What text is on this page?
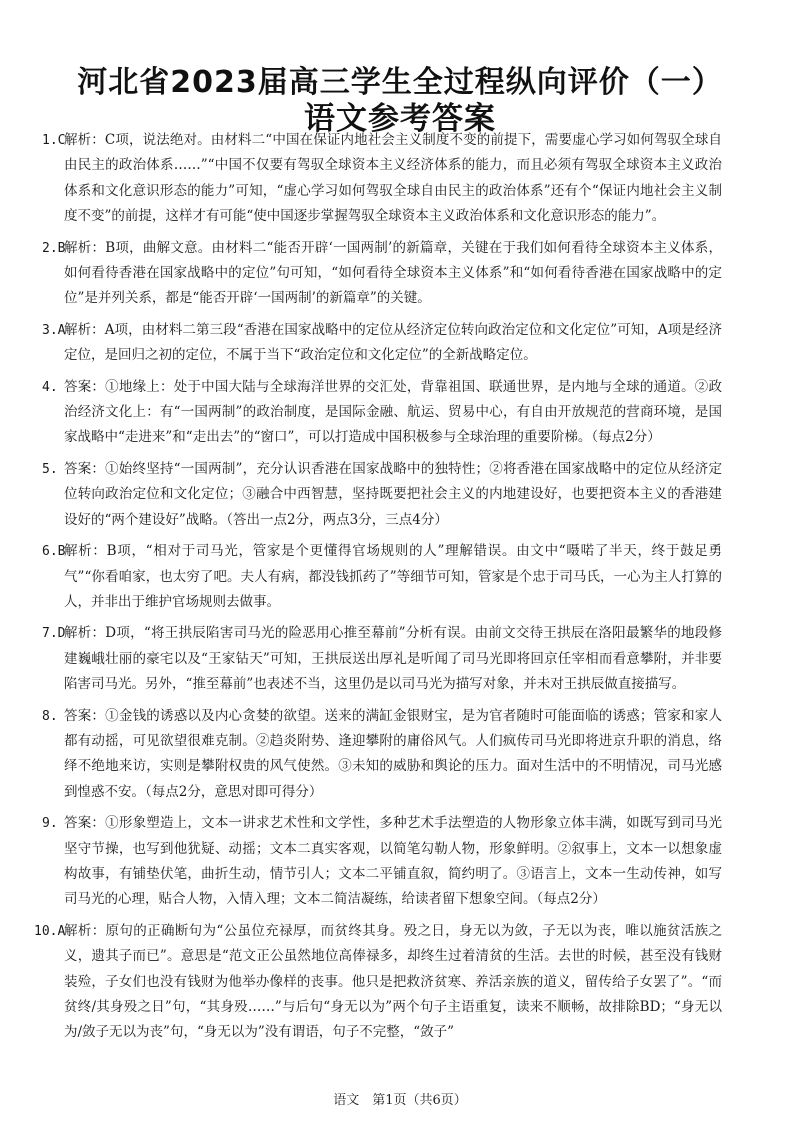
河北省2023届高三学生全过程纵向评价（一）
语文参考答案
1.C

解析：C项，说法绝对。由材料二“中国在保证内地社会主义制度不变的前提下，需要虚心学习如何驾驭全球自由民主的政治体系……”“中国不仅要有驾驭全球资本主义经济体系的能力，而且必须有驾驭全球资本主义政治体系和文化意识形态的能力”可知，“虚心学习如何驾驭全球自由民主的政治体系”还有个“保证内地社会主义制度不变”的前提，这样才有可能“使中国逐步掌握驾驭全球资本主义政治体系和文化意识形态的能力”。

2.B

解析：B项，曲解文意。由材料二“能否开辟‘一国两制’的新篇章，关键在于我们如何看待全球资本主义体系，如何看待香港在国家战略中的定位”句可知，“如何看待全球资本主义体系”和“如何看待香港在国家战略中的定位”是并列关系，都是“能否开辟‘一国两制’的新篇章”的关键。

3.A

解析：A项，由材料二第三段“香港在国家战略中的定位从经济定位转向政治定位和文化定位”可知，A项是经济定位，是回归之初的定位，不属于当下“政治定位和文化定位”的全新战略定位。

4. 答案：①地缘上：处于中国大陆与全球海洋世界的交汇处，背靠祖国、联通世界，是内地与全球的通道。②政治经济文化上：有“一国两制”的政治制度，是国际金融、航运、贸易中心，有自由开放规范的营商环境，是国家战略中“走进来”和“走出去”的“窗口”，可以打造成中国积极参与全球治理的重要阶梯。（每点2分）

5. 答案：①始终坚持“一国两制”，充分认识香港在国家战略中的独特性；②将香港在国家战略中的定位从经济定位转向政治定位和文化定位；③融合中西智慧，坚持既要把社会主义的内地建设好，也要把资本主义的香港建设好的“两个建设好”战略。（答出一点2分，两点3分，三点4分）

6.B

解析：B项，“相对于司马光，管家是个更懂得官场规则的人”理解错误。由文中“嗫喏了半天，终于鼓足勇气”“你看咱家，也太穷了吧。夫人有病，都没钱抓药了”等细节可知，管家是个忠于司马氏，一心为主人打算的人，并非出于维护官场规则去做事。

7.D

解析：D项，“将王拱辰陷害司马光的险恶用心推至幕前”分析有误。由前文交待王拱辰在洛阳最繁华的地段修建巍峨壮丽的豪宅以及“王家钻天”可知，王拱辰送出厚礼是听闻了司马光即将回京任宰相而看意攀附，并非要陷害司马光。另外，“推至幕前”也表述不当，这里仍是以司马光为描写对象，并未对王拱辰做直接描写。

8. 答案：①金钱的诱惑以及内心贪婪的欲望。送来的满缸金银财宝，是为官者随时可能面临的诱惑；管家和家人都有动摇，可见欲望很难克制。②趋炎附势、逢迎攀附的庸俗风气。人们疯传司马光即将进京升职的消息，络绎不绝地来访，实则是攀附权贵的风气使然。③未知的威胁和舆论的压力。面对生活中的不明情况，司马光感到惶惑不安。（每点2分，意思对即可得分）

9. 答案：①形象塑造上，文本一讲求艺术性和文学性，多种艺术手法塑造的人物形象立体丰满，如既写到司马光坚守节操，也写到他犹疑、动摇；文本二真实客观，以简笔勾勒人物，形象鲜明。②叙事上，文本一以想象虚构故事，有铺垫伏笔，曲折生动，情节引人；文本二平铺直叙，简约明了。③语言上，文本一生动传神，如写司马光的心理，贴合人物，入情入理；文本二简洁凝练，给读者留下想象空间。（每点2分）

10.A

解析：原句的正确断句为“公虽位充禄厚，而贫终其身。殁之日，身无以为敛，子无以为丧，唯以施贫活族之义，遗其子而已”。意思是“范文正公虽然地位高俸禄多，却终生过着清贫的生活。去世的时候，甚至没有钱财装殓，子女们也没有钱财为他举办像样的丧事。他只是把救济贫寒、养活亲族的道义，留传给子女罢了”。“而贫终/其身殁之日”句，“其身殁……”与后句“身无以为”两个句子主语重复，读来不顺畅，故排除BD；“身无以为/敛子无以为丧”句，“身无以为”没有谓语，句子不完整，“敛子”

语文　第1页（共6页）
